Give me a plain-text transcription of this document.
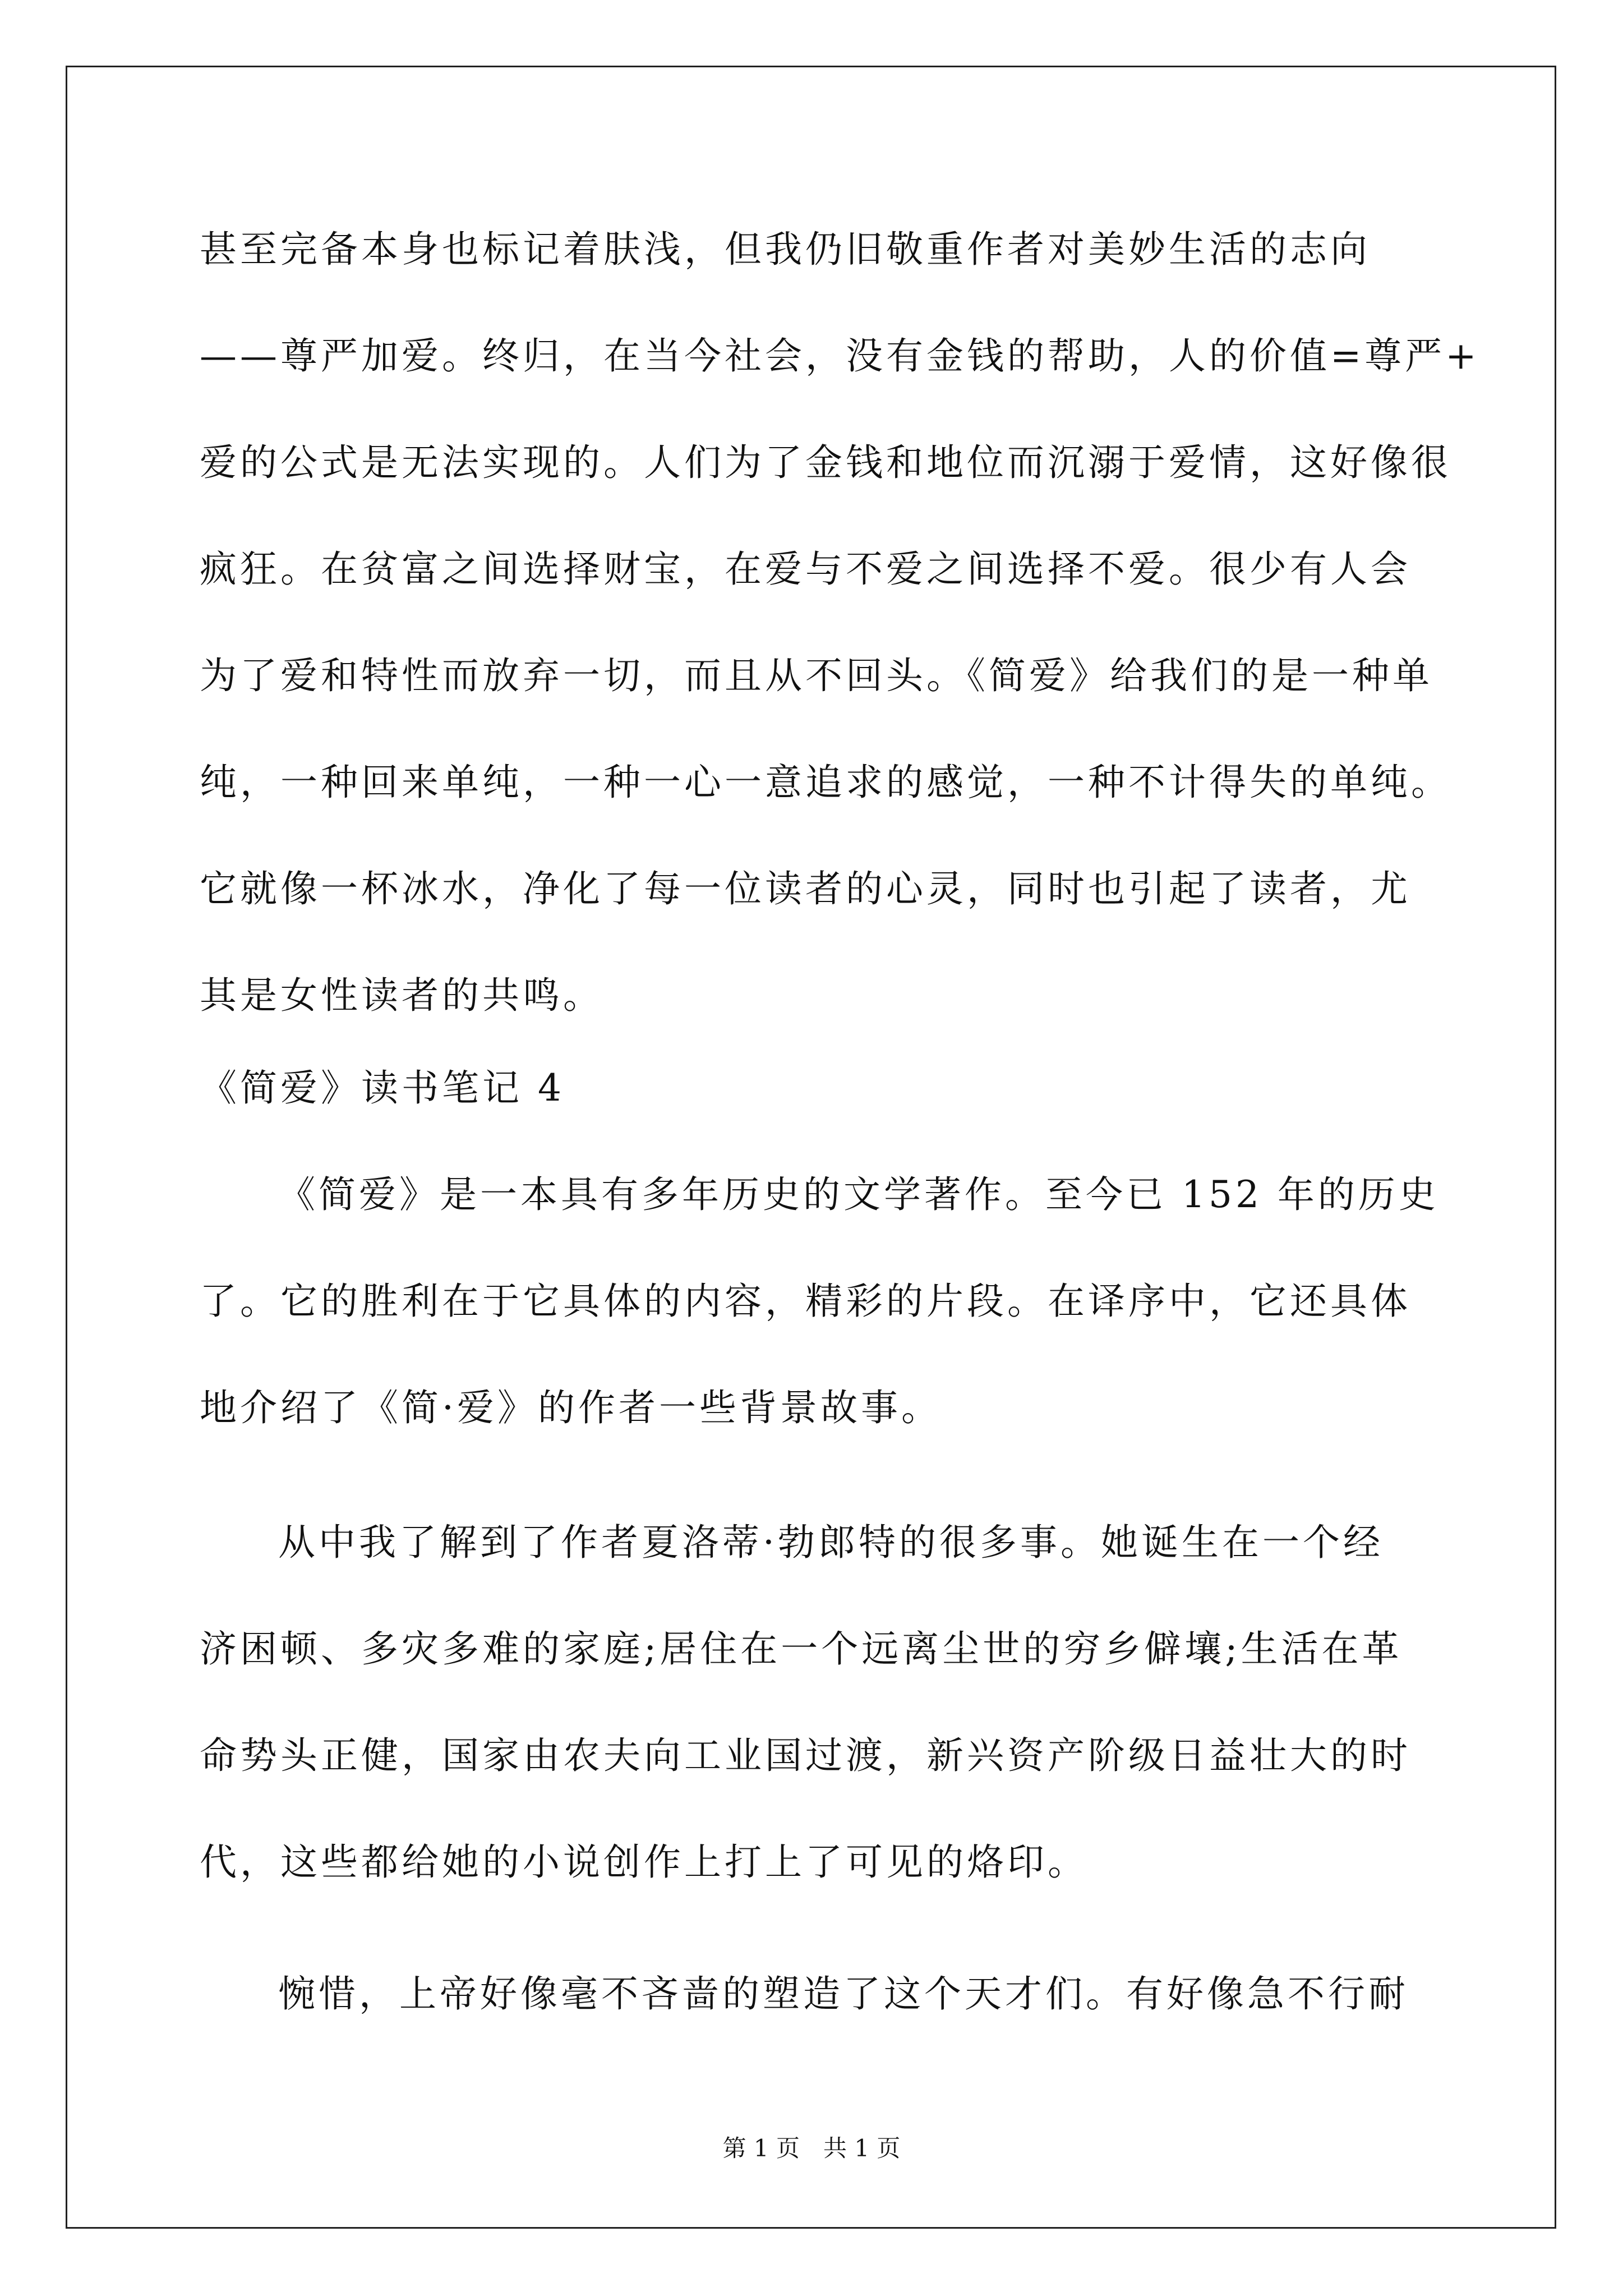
甚至完备本身也标记着肤浅，但我仍旧敬重作者对美妙生活的志向
——尊严加爱。终归，在当今社会，没有金钱的帮助，人的价值=尊严+
爱的公式是无法实现的。人们为了金钱和地位而沉溺于爱情，这好像很
疯狂。在贫富之间选择财宝，在爱与不爱之间选择不爱。很少有人会
为了爱和特性而放弃一切，而且从不回头。《简爱》给我们的是一种单
纯，一种回来单纯，一种一心一意追求的感觉，一种不计得失的单纯。
它就像一杯冰水，净化了每一位读者的心灵，同时也引起了读者，尤
其是女性读者的共鸣。
《简爱》读书笔记 4
《简爱》是一本具有多年历史的文学著作。至今已 152 年的历史
了。它的胜利在于它具体的内容，精彩的片段。在译序中，它还具体
地介绍了《简·爱》的作者一些背景故事。
从中我了解到了作者夏洛蒂·勃郎特的很多事。她诞生在一个经
济困顿、多灾多难的家庭;居住在一个远离尘世的穷乡僻壤;生活在革
命势头正健，国家由农夫向工业国过渡，新兴资产阶级日益壮大的时
代，这些都给她的小说创作上打上了可见的烙印。
惋惜，上帝好像毫不吝啬的塑造了这个天才们。有好像急不行耐
第 1 页　共 1 页
